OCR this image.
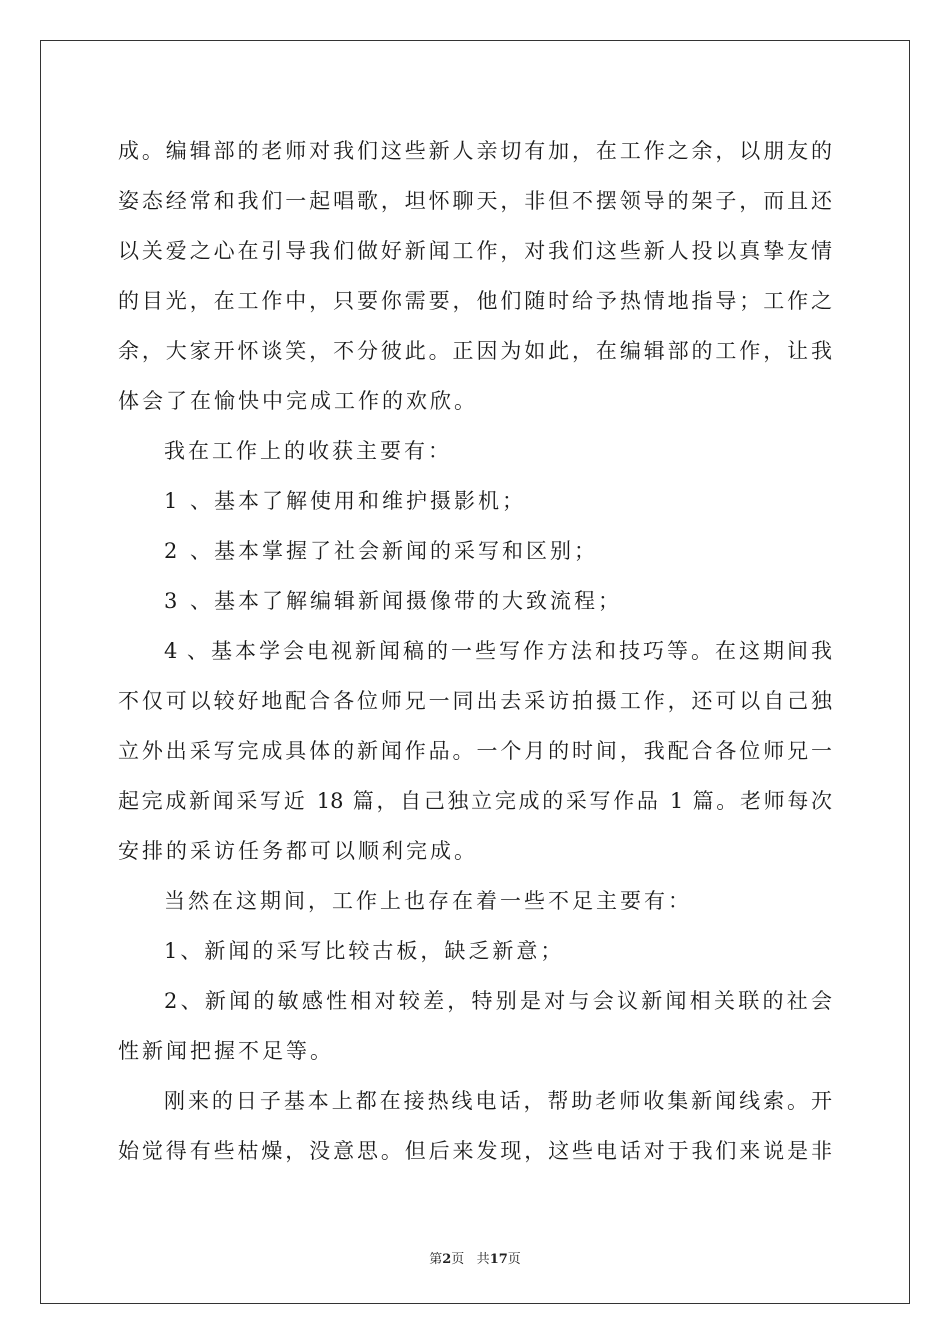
成。编辑部的老师对我们这些新人亲切有加，在工作之余，以朋友的
姿态经常和我们一起唱歌，坦怀聊天，非但不摆领导的架子，而且还
以关爱之心在引导我们做好新闻工作，对我们这些新人投以真挚友情
的目光，在工作中，只要你需要，他们随时给予热情地指导；工作之
余，大家开怀谈笑，不分彼此。正因为如此，在编辑部的工作，让我
体会了在愉快中完成工作的欢欣。
我在工作上的收获主要有：
1 、基本了解使用和维护摄影机；
2 、基本掌握了社会新闻的采写和区别；
3 、基本了解编辑新闻摄像带的大致流程；
4 、基本学会电视新闻稿的一些写作方法和技巧等。在这期间我
不仅可以较好地配合各位师兄一同出去采访拍摄工作，还可以自己独
立外出采写完成具体的新闻作品。一个月的时间，我配合各位师兄一
起完成新闻采写近 18 篇，自己独立完成的采写作品 1 篇。老师每次
安排的采访任务都可以顺利完成。
当然在这期间，工作上也存在着一些不足主要有：
1、新闻的采写比较古板，缺乏新意；
2、新闻的敏感性相对较差，特别是对与会议新闻相关联的社会
性新闻把握不足等。
刚来的日子基本上都在接热线电话，帮助老师收集新闻线索。开
始觉得有些枯燥，没意思。但后来发现，这些电话对于我们来说是非
第2页 共17页
